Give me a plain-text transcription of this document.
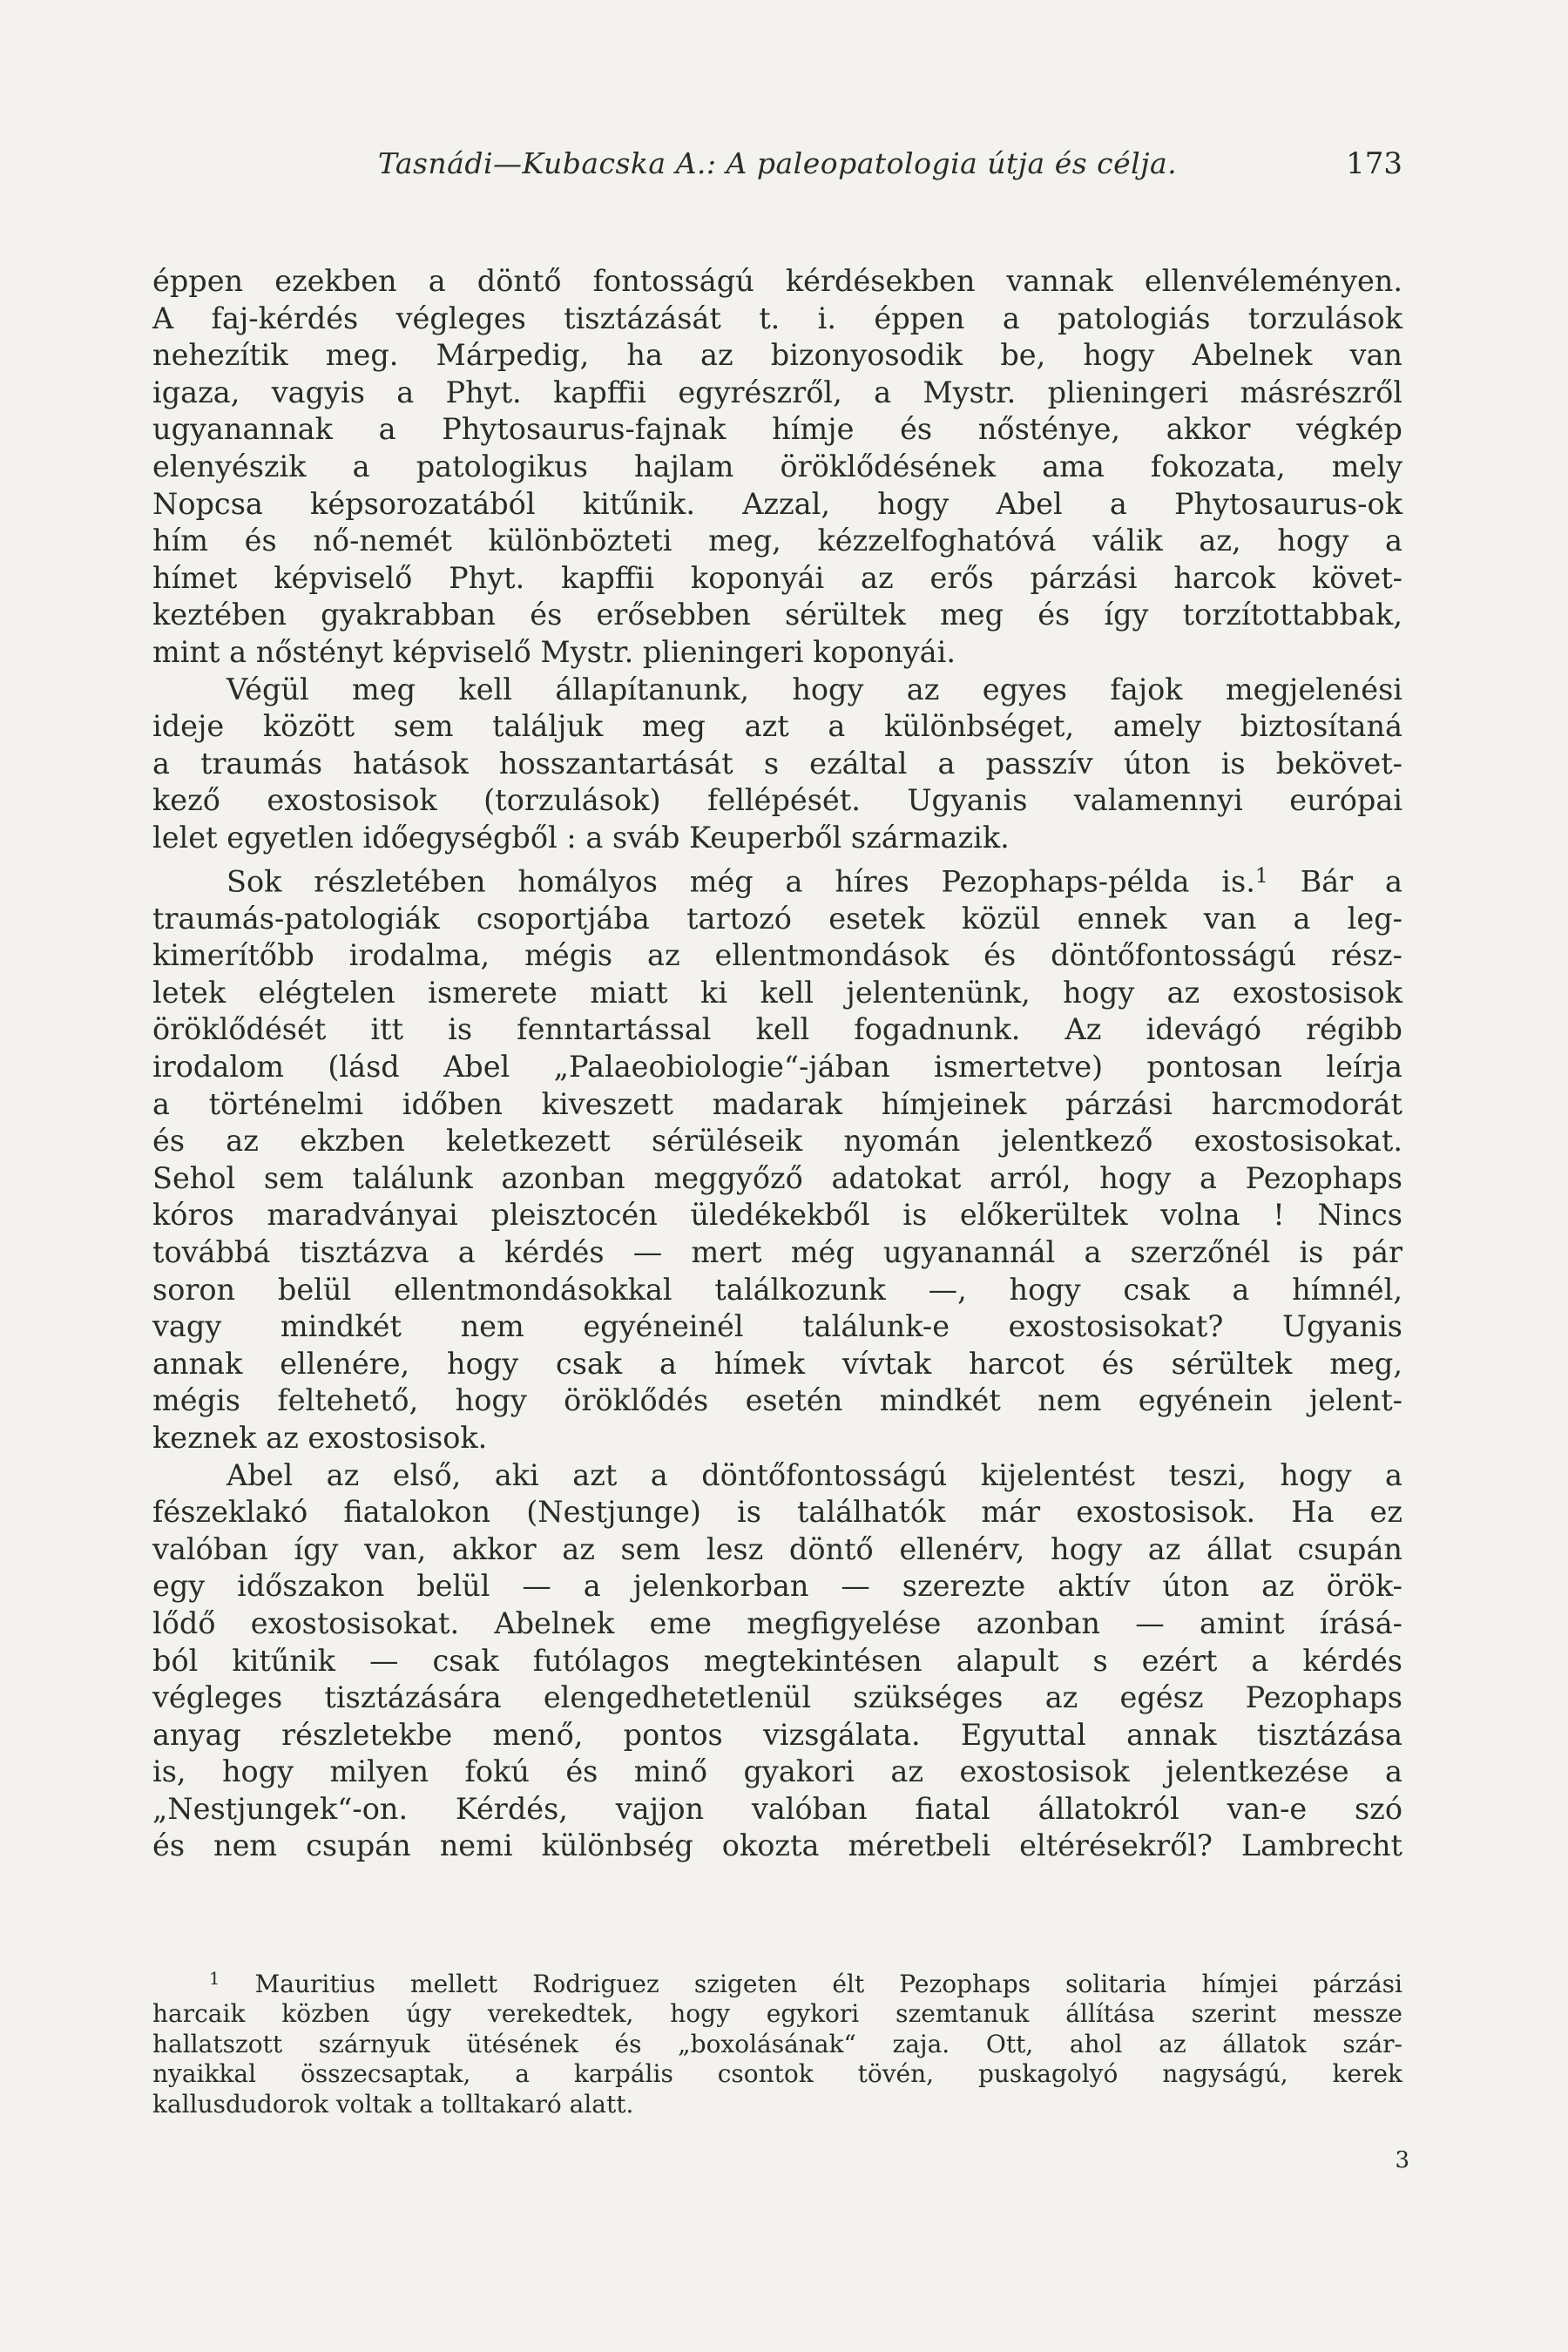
Tasnádi—Kubacska A.: A paleopatologia útja és célja.	173
éppen ezekben a döntő fontosságú kérdésekben vannak ellenvéleményen.
A faj-kérdés végleges tisztázását t. i. éppen a patologiás torzulások
nehezítik meg. Márpedig, ha az bizonyosodik be, hogy Abelnek van
igaza, vagyis a Phyt. kapffii egyrészről, a Mystr. plieningeri másrészről
ugyanannak a Phytosaurus-fajnak hímje és nősténye, akkor végkép
elenyészik a patologikus hajlam öröklődésének ama fokozata, mely
Nopcsa képsorozatából kitűnik. Azzal, hogy Abel a Phytosaurus-ok
hím és nő-nemét különbözteti meg, kézzelfoghatóvá válik az, hogy a
hímet képviselő Phyt. kapffii koponyái az erős párzási harcok követ-
keztében gyakrabban és erősebben sérültek meg és így torzítottabbak,
mint a nőstényt képviselő Mystr. plieningeri koponyái.
Végül meg kell állapítanunk, hogy az egyes fajok megjelenési
ideje között sem találjuk meg azt a különbséget, amely biztosítaná
a traumás hatások hosszantartását s ezáltal a passzív úton is bekövet-
kező exostosisok (torzulások) fellépését. Ugyanis valamennyi európai
lelet egyetlen időegységből : a sváb Keuperből származik.
Sok részletében homályos még a híres Pezophaps-példa is.$^1$ Bár a
traumás-patologiák csoportjába tartozó esetek közül ennek van a leg-
kimerítőbb irodalma, mégis az ellentmondások és döntőfontosságú rész-
letek elégtelen ismerete miatt ki kell jelentenünk, hogy az exostosisok
öröklődését itt is fenntartással kell fogadnunk. Az idevágó régibb
irodalom (lásd Abel „Palaeobiologie“-jában ismertetve) pontosan leírja
a történelmi időben kiveszett madarak hímjeinek párzási harcmodorát
és az ekzben keletkezett sérüléseik nyomán jelentkező exostosisokat.
Sehol sem találunk azonban meggyőző adatokat arról, hogy a Pezophaps
kóros maradványai pleisztocén üledékekből is előkerültek volna ! Nincs
továbbá tisztázva a kérdés — mert még ugyanannál a szerzőnél is pár
soron belül ellentmondásokkal találkozunk —, hogy csak a hímnél,
vagy mindkét nem egyéneinél találunk-e exostosisokat? Ugyanis
annak ellenére, hogy csak a hímek vívtak harcot és sérültek meg,
mégis feltehető, hogy öröklődés esetén mindkét nem egyénein jelent-
keznek az exostosisok.
Abel az első, aki azt a döntőfontosságú kijelentést teszi, hogy a
fészeklakó fiatalokon (Nestjunge) is találhatók már exostosisok. Ha ez
valóban így van, akkor az sem lesz döntő ellenérv, hogy az állat csupán
egy időszakon belül — a jelenkorban — szerezte aktív úton az örök-
lődő exostosisokat. Abelnek eme megfigyelése azonban — amint írásá-
ból kitűnik — csak futólagos megtekintésen alapult s ezért a kérdés
végleges tisztázására elengedhetetlenül szükséges az egész Pezophaps
anyag részletekbe menő, pontos vizsgálata. Egyuttal annak tisztázása
is, hogy milyen fokú és minő gyakori az exostosisok jelentkezése a
„Nestjungek“-on. Kérdés, vajjon valóban fiatal állatokról van-e szó
és nem csupán nemi különbség okozta méretbeli eltérésekről? Lambrecht
$^1$ Mauritius mellett Rodriguez szigeten élt Pezophaps solitaria hímjei párzási
harcaik közben úgy verekedtek, hogy egykori szemtanuk állítása szerint messze
hallatszott szárnyuk ütésének és „boxolásának“ zaja. Ott, ahol az állatok szár-
nyaikkal összecsaptak, a karpális csontok tövén, puskagolyó nagyságú, kerek
kallusdudorok voltak a tolltakaró alatt.
3
